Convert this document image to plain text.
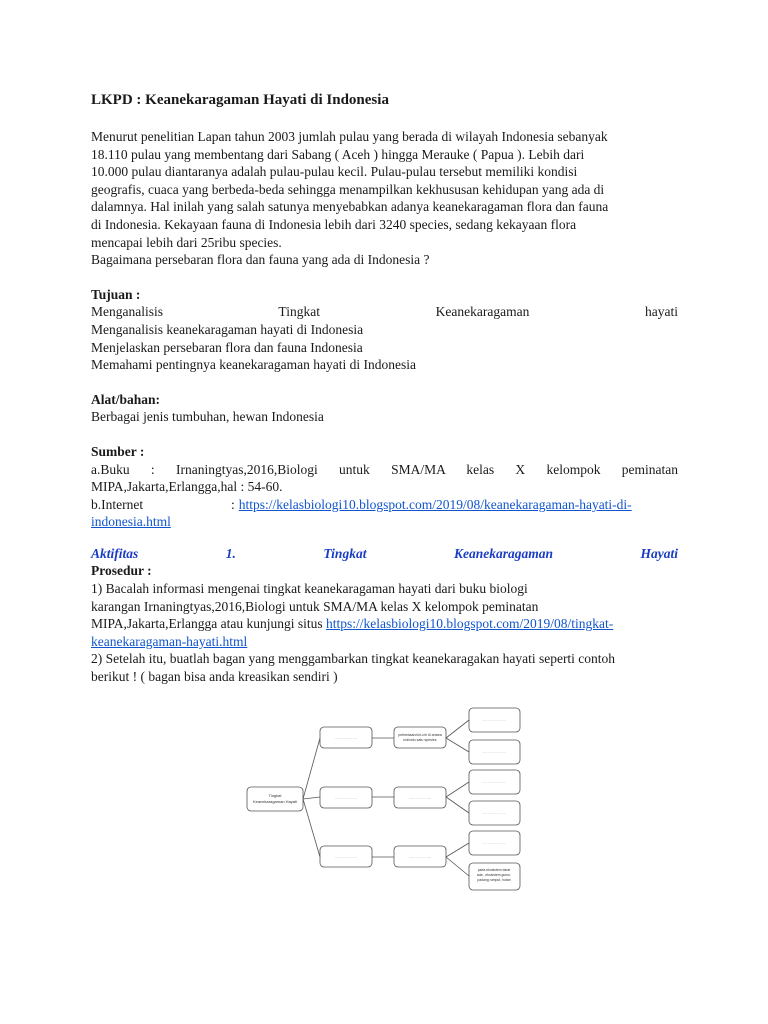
LKPD : Keanekaragaman Hayati di Indonesia
Menurut penelitian Lapan tahun 2003 jumlah pulau yang berada di wilayah Indonesia sebanyak
18.110 pulau yang membentang dari Sabang ( Aceh ) hingga Merauke ( Papua ). Lebih dari
10.000 pulau diantaranya adalah pulau-pulau kecil. Pulau-pulau tersebut memiliki kondisi
geografis, cuaca yang berbeda-beda sehingga menampilkan kekhususan kehidupan yang ada di
dalamnya. Hal inilah yang salah satunya menyebabkan adanya keanekaragaman flora dan fauna
di Indonesia. Kekayaan fauna di Indonesia lebih dari 3240 species, sedang kekayaan flora
mencapai lebih dari 25ribu species.
Bagaimana persebaran flora dan fauna yang ada di Indonesia ?
Tujuan :
Menganalisis Tingkat Keanekaragaman hayati
Menganalisis keanekaragaman hayati di Indonesia
Menjelaskan persebaran flora dan fauna Indonesia
Memahami pentingnya keanekaragaman hayati di Indonesia
Alat/bahan:
Berbagai jenis tumbuhan, hewan Indonesia
Sumber :
a.Buku : Irnaningtyas,2016,Biologi untuk SMA/MA kelas X kelompok peminatan
MIPA,Jakarta,Erlangga,hal : 54-60.
b.Internet	: https://kelasbiologi10.blogspot.com/2019/08/keanekaragaman-hayati-di-
indonesia.html
Aktifitas 1. Tingkat Keanekaragaman Hayati
Prosedur :
1) Bacalah informasi mengenai tingkat keanekaragaman hayati dari buku biologi
karangan Irnaningtyas,2016,Biologi untuk SMA/MA kelas X kelompok peminatan
MIPA,Jakarta,Erlangga atau kunjungi situs https://kelasbiologi10.blogspot.com/2019/08/tingkat-
keanekaragaman-hayati.html
2) Setelah itu, buatlah bagan yang menggambarkan tingkat keanekaragakan hayati seperti contoh
berikut ! ( bagan bisa anda kreasikan sendiri )
Tingkat
Keanekaragaman Hayati
....................
....................
....................
perbedaan/ciri-ciri di antara
individu satu spesies
....................
....................
......................
......................
......................
......................
......................
pada ekosistem darat
ada , ekosistem gurun,
padang rumput, hutan
